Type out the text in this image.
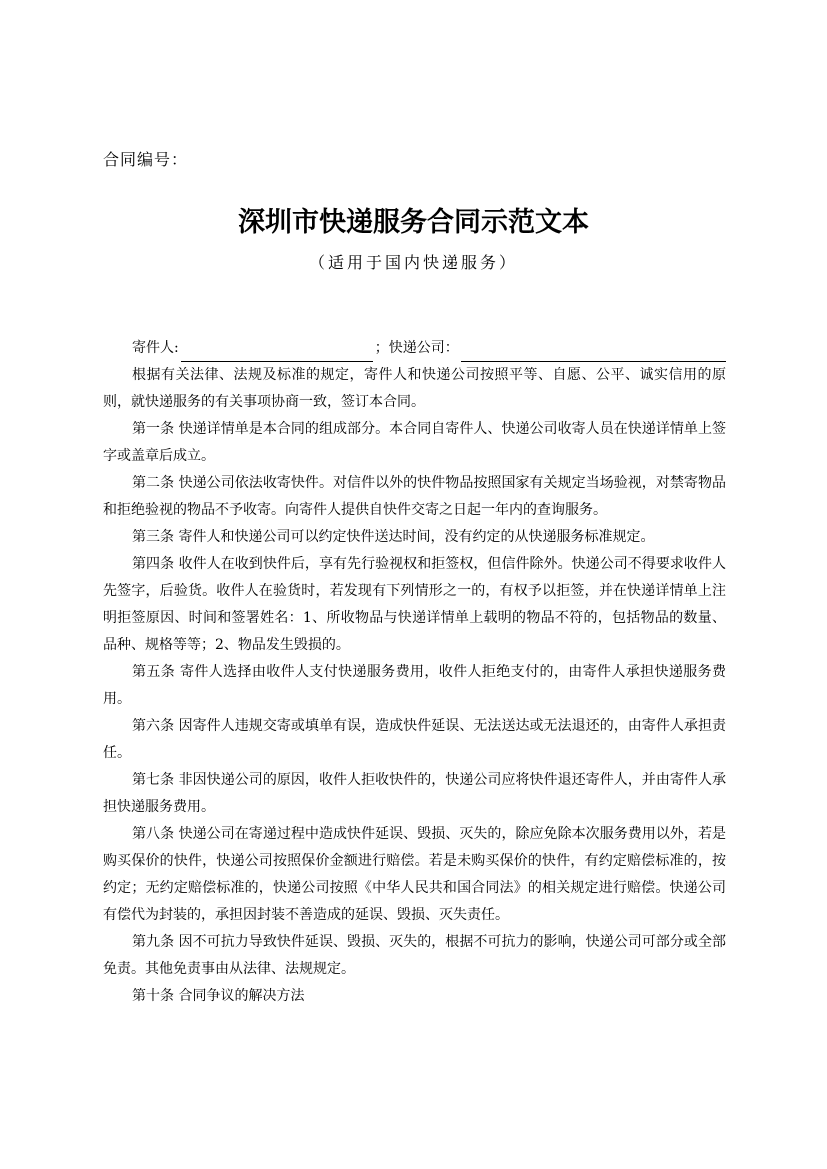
合同编号：
深圳市快递服务合同示范文本
（适用于国内快递服务）
寄件人:	； 快递公司：

根据有关法律、法规及标准的规定，寄件人和快递公司按照平等、自愿、公平、诚实信用的原则，就快递服务的有关事项协商一致，签订本合同。

第一条 快递详情单是本合同的组成部分。本合同自寄件人、快递公司收寄人员在快递详情单上签字或盖章后成立。

第二条 快递公司依法收寄快件。对信件以外的快件物品按照国家有关规定当场验视，对禁寄物品和拒绝验视的物品不予收寄。向寄件人提供自快件交寄之日起一年内的查询服务。

第三条 寄件人和快递公司可以约定快件送达时间，没有约定的从快递服务标准规定。

第四条 收件人在收到快件后，享有先行验视权和拒签权，但信件除外。快递公司不得要求收件人先签字，后验货。收件人在验货时，若发现有下列情形之一的，有权予以拒签，并在快递详情单上注明拒签原因、时间和签署姓名：1、所收物品与快递详情单上载明的物品不符的，包括物品的数量、品种、规格等等；2、物品发生毁损的。

第五条 寄件人选择由收件人支付快递服务费用，收件人拒绝支付的，由寄件人承担快递服务费用。

第六条 因寄件人违规交寄或填单有误，造成快件延误、无法送达或无法退还的，由寄件人承担责任。

第七条 非因快递公司的原因，收件人拒收快件的，快递公司应将快件退还寄件人，并由寄件人承担快递服务费用。

第八条 快递公司在寄递过程中造成快件延误、毁损、灭失的，除应免除本次服务费用以外，若是购买保价的快件，快递公司按照保价金额进行赔偿。若是未购买保价的快件，有约定赔偿标准的，按约定；无约定赔偿标准的，快递公司按照《中华人民共和国合同法》的相关规定进行赔偿。快递公司有偿代为封装的，承担因封装不善造成的延误、毁损、灭失责任。

第九条 因不可抗力导致快件延误、毁损、灭失的，根据不可抗力的影响，快递公司可部分或全部免责。其他免责事由从法律、法规规定。

第十条 合同争议的解决方法
